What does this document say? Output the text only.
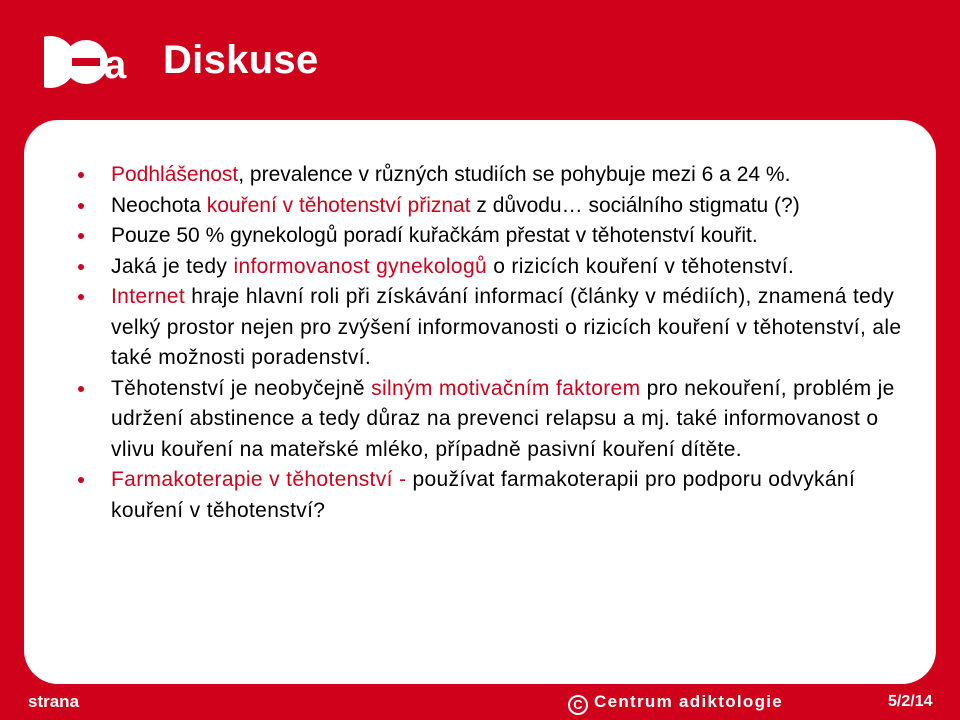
a Diskuse
Podhlášenost, prevalence v různých studiích se pohybuje mezi 6 a 24 %.
Neochota kouření v těhotenství přiznat z důvodu… sociálního stigmatu (?)
Pouze 50 % gynekologů poradí kuřačkám přestat v těhotenství kouřit.
Jaká je tedy informovanost gynekologů o rizicích kouření v těhotenství.
Internet hraje hlavní roli při získávání informací (články v médiích), znamená tedy velký prostor nejen pro zvýšení informovanosti o rizicích kouření v těhotenství, ale také možnosti poradenství.
Těhotenství je neobyčejně silným motivačním faktorem pro nekouření, problém je udržení abstinence a tedy důraz na prevenci relapsu a mj. také informovanost o vlivu kouření na mateřské mléko, případně pasivní kouření dítěte.
Farmakoterapie v těhotenství - používat farmakoterapii pro podporu odvykání kouření v těhotenství?
strana	C Centrum adiktologie	5/2/14
